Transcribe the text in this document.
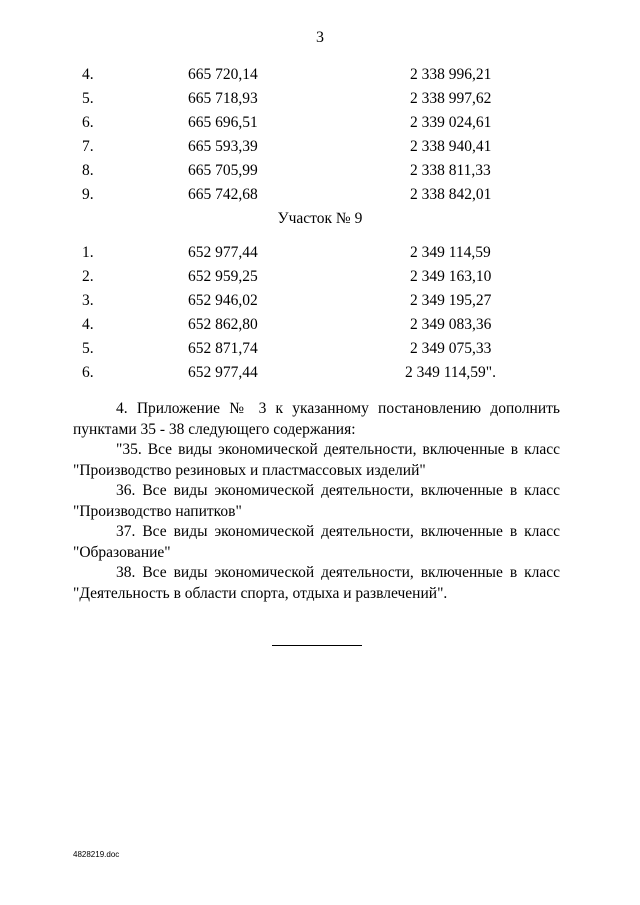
3
4.	665 720,14	2 338 996,21
5.	665 718,93	2 338 997,62
6.	665 696,51	2 339 024,61
7.	665 593,39	2 338 940,41
8.	665 705,99	2 338 811,33
9.	665 742,68	2 338 842,01
Участок № 9
1.	652 977,44	2 349 114,59
2.	652 959,25	2 349 163,10
3.	652 946,02	2 349 195,27
4.	652 862,80	2 349 083,36
5.	652 871,74	2 349 075,33
6.	652 977,44	2 349 114,59".
4. Приложение № 3 к указанному постановлению дополнить
пунктами 35 - 38 следующего содержания:
"35. Все виды экономической деятельности, включенные в класс
"Производство резиновых и пластмассовых изделий"
36. Все виды экономической деятельности, включенные в класс
"Производство напитков"
37. Все виды экономической деятельности, включенные в класс
"Образование"
38. Все виды экономической деятельности, включенные в класс
"Деятельность в области спорта, отдыха и развлечений".
4828219.doc
